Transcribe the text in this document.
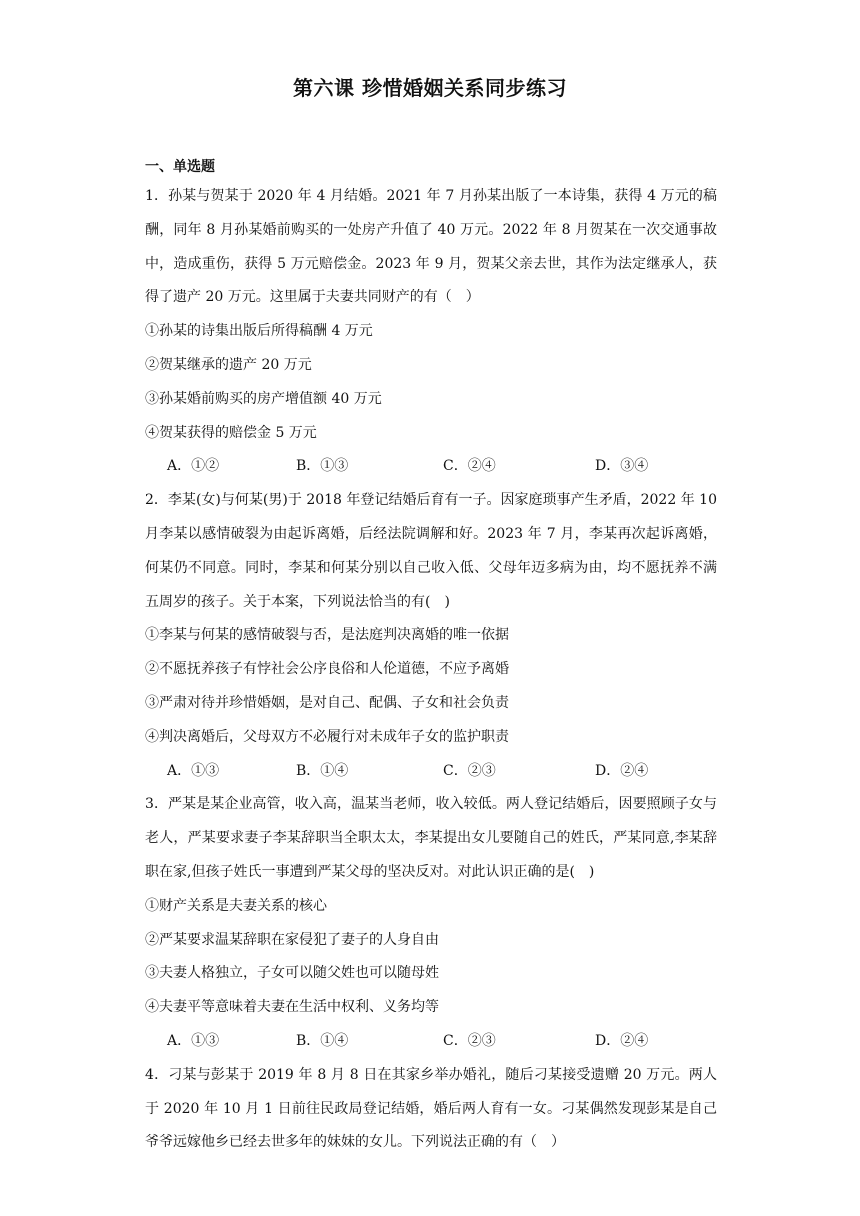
第六课 珍惜婚姻关系同步练习
一、单选题

1．孙某与贺某于 2020 年 4 月结婚。2021 年 7 月孙某出版了一本诗集，获得 4 万元的稿酬，同年 8 月孙某婚前购买的一处房产升值了 40 万元。2022 年 8 月贺某在一次交通事故中，造成重伤，获得 5 万元赔偿金。2023 年 9 月，贺某父亲去世，其作为法定继承人，获得了遗产 20 万元。这里属于夫妻共同财产的有（　）

①孙某的诗集出版后所得稿酬 4 万元

②贺某继承的遗产 20 万元

③孙某婚前购买的房产增值额 40 万元

④贺某获得的赔偿金 5 万元

A．①②	B．①③	C．②④	D．③④

2．李某(女)与何某(男)于 2018 年登记结婚后育有一子。因家庭琐事产生矛盾，2022 年 10 月李某以感情破裂为由起诉离婚，后经法院调解和好。2023 年 7 月，李某再次起诉离婚，何某仍不同意。同时，李某和何某分别以自己收入低、父母年迈多病为由，均不愿抚养不满五周岁的孩子。关于本案，下列说法恰当的有(　)

①李某与何某的感情破裂与否，是法庭判决离婚的唯一依据

②不愿抚养孩子有悖社会公序良俗和人伦道德，不应予离婚

③严肃对待并珍惜婚姻，是对自己、配偶、子女和社会负责

④判决离婚后，父母双方不必履行对未成年子女的监护职责

A．①③	B．①④	C．②③	D．②④

3．严某是某企业高管，收入高，温某当老师，收入较低。两人登记结婚后，因要照顾子女与老人，严某要求妻子李某辞职当全职太太，李某提出女儿要随自己的姓氏，严某同意,李某辞职在家,但孩子姓氏一事遭到严某父母的坚决反对。对此认识正确的是(　)

①财产关系是夫妻关系的核心

②严某要求温某辞职在家侵犯了妻子的人身自由

③夫妻人格独立，子女可以随父姓也可以随母姓

④夫妻平等意味着夫妻在生活中权利、义务均等

A．①③	B．①④	C．②③	D．②④

4．刁某与彭某于 2019 年 8 月 8 日在其家乡举办婚礼，随后刁某接受遗赠 20 万元。两人于 2020 年 10 月 1 日前往民政局登记结婚，婚后两人育有一女。刁某偶然发现彭某是自己爷爷远嫁他乡已经去世多年的妹妹的女儿。下列说法正确的有（　）
